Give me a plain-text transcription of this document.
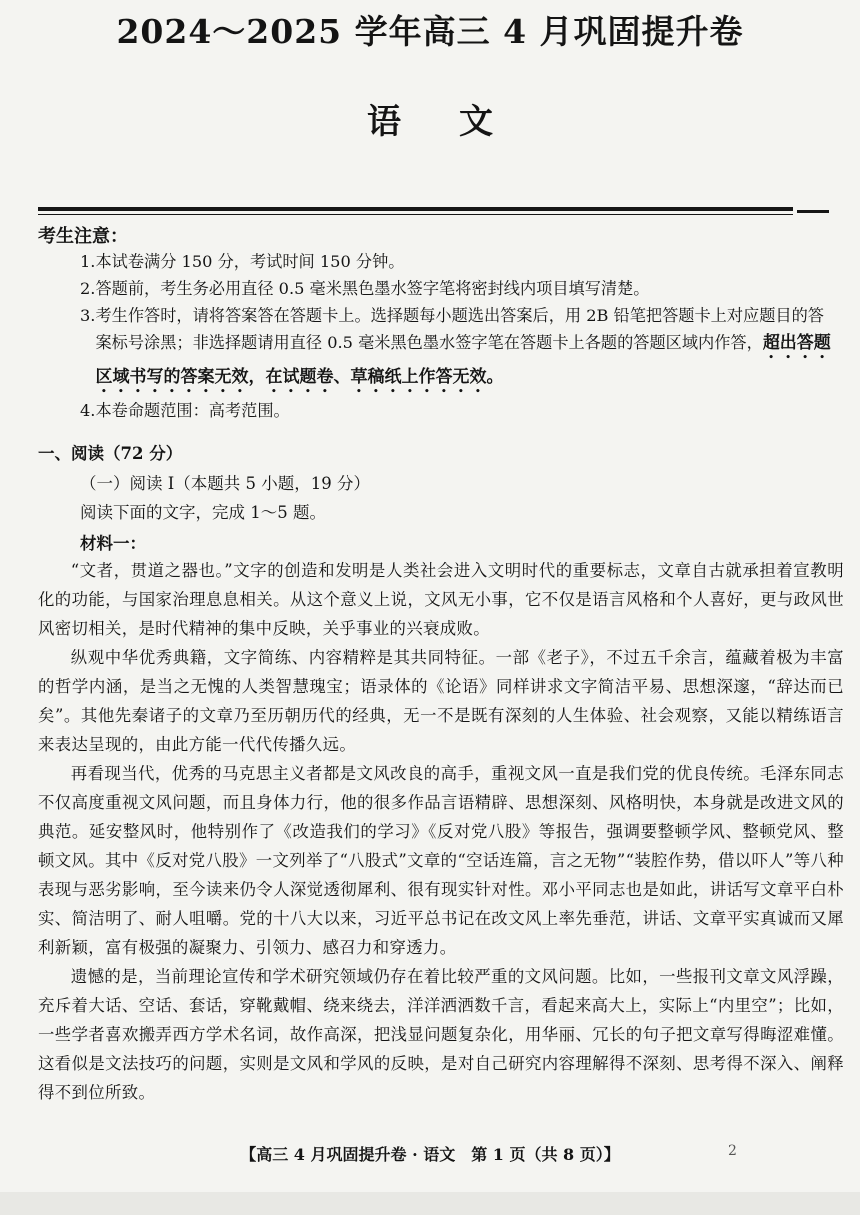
2024～2025 学年高三 4 月巩固提升卷
语文
考生注意：
1. 本试卷满分 150 分，考试时间 150 分钟。
2. 答题前，考生务必用直径 0.5 毫米黑色墨水签字笔将密封线内项目填写清楚。
3. 考生作答时，请将答案答在答题卡上。选择题每小题选出答案后，用 2B 铅笔把答题卡上对应题目的答案标号涂黑；非选择题请用直径 0.5 毫米黑色墨水签字笔在答题卡上各题的答题区域内作答，超出答题区域书写的答案无效，在试题卷、草稿纸上作答无效。
4. 本卷命题范围：高考范围。
一、阅读（72 分）
（一）阅读 Ⅰ（本题共 5 小题，19 分）
阅读下面的文字，完成 1～5 题。
材料一：

“文者，贯道之器也。”文字的创造和发明是人类社会进入文明时代的重要标志，文章自古就承担着宣教明化的功能，与国家治理息息相关。从这个意义上说，文风无小事，它不仅是语言风格和个人喜好，更与政风世风密切相关，是时代精神的集中反映，关乎事业的兴衰成败。

纵观中华优秀典籍，文字简练、内容精粹是其共同特征。一部《老子》，不过五千余言，蕴藏着极为丰富的哲学内涵，是当之无愧的人类智慧瑰宝；语录体的《论语》同样讲求文字简洁平易、思想深邃，“辞达而已矣”。其他先秦诸子的文章乃至历朝历代的经典，无一不是既有深刻的人生体验、社会观察，又能以精练语言来表达呈现的，由此方能一代代传播久远。

再看现当代，优秀的马克思主义者都是文风改良的高手，重视文风一直是我们党的优良传统。毛泽东同志不仅高度重视文风问题，而且身体力行，他的很多作品言语精辟、思想深刻、风格明快，本身就是改进文风的典范。延安整风时，他特别作了《改造我们的学习》《反对党八股》等报告，强调要整顿学风、整顿党风、整顿文风。其中《反对党八股》一文列举了“八股式”文章的“空话连篇，言之无物”“装腔作势，借以吓人”等八种表现与恶劣影响，至今读来仍令人深觉透彻犀利、很有现实针对性。邓小平同志也是如此，讲话写文章平白朴实、简洁明了、耐人咀嚼。党的十八大以来，习近平总书记在改文风上率先垂范，讲话、文章平实真诚而又犀利新颖，富有极强的凝聚力、引领力、感召力和穿透力。

遗憾的是，当前理论宣传和学术研究领域仍存在着比较严重的文风问题。比如，一些报刊文章文风浮躁，充斥着大话、空话、套话，穿靴戴帽、绕来绕去，洋洋洒洒数千言，看起来高大上，实际上“内里空”；比如，一些学者喜欢搬弄西方学术名词，故作高深，把浅显问题复杂化，用华丽、冗长的句子把文章写得晦涩难懂。这看似是文法技巧的问题，实则是文风和学风的反映，是对自己研究内容理解得不深刻、思考得不深入、阐释得不到位所致。

【高三 4 月巩固提升卷 · 语文　第 1 页（共 8 页）】	2
